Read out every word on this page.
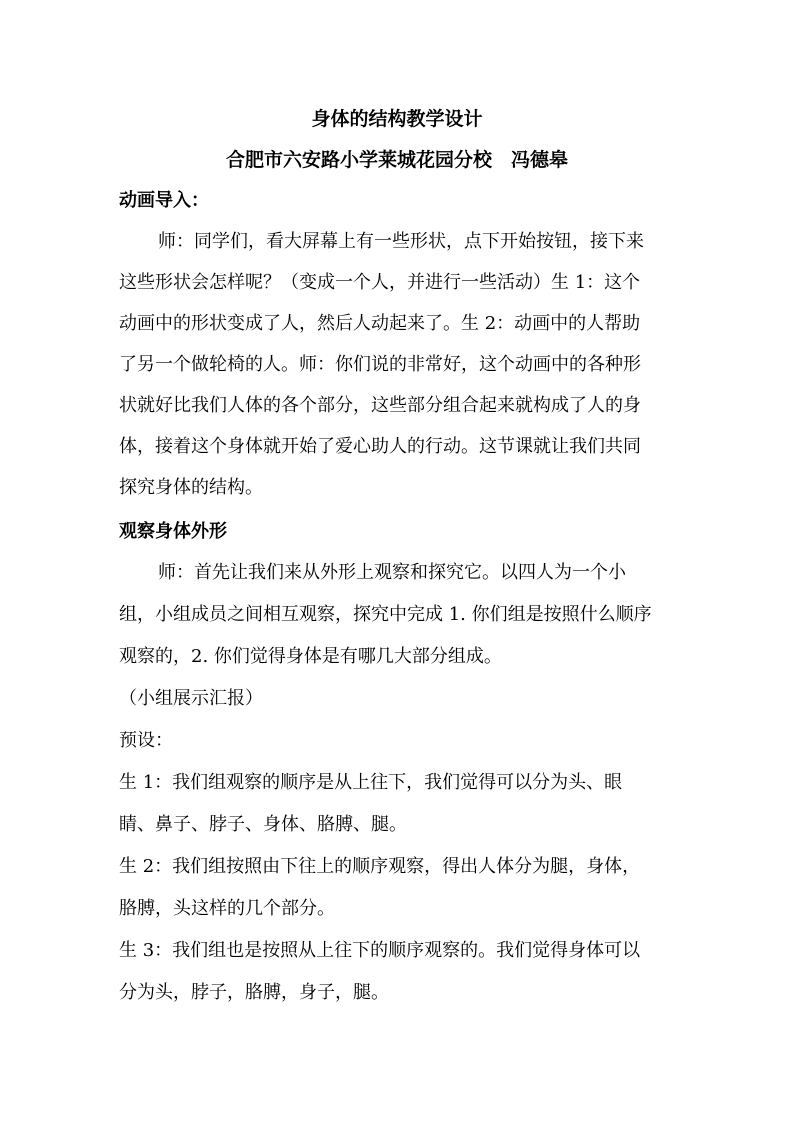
身体的结构教学设计
合肥市六安路小学莱城花园分校　冯德皋
动画导入：
师：同学们，看大屏幕上有一些形状，点下开始按钮，接下来
这些形状会怎样呢？（变成一个人，并进行一些活动）生 1：这个
动画中的形状变成了人，然后人动起来了。生 2：动画中的人帮助
了另一个做轮椅的人。师：你们说的非常好，这个动画中的各种形
状就好比我们人体的各个部分，这些部分组合起来就构成了人的身
体，接着这个身体就开始了爱心助人的行动。这节课就让我们共同
探究身体的结构。
观察身体外形
师：首先让我们来从外形上观察和探究它。以四人为一个小
组，小组成员之间相互观察，探究中完成 1. 你们组是按照什么顺序
观察的，2. 你们觉得身体是有哪几大部分组成。
（小组展示汇报）
预设：
生 1：我们组观察的顺序是从上往下，我们觉得可以分为头、眼
睛、鼻子、脖子、身体、胳膊、腿。
生 2：我们组按照由下往上的顺序观察，得出人体分为腿，身体，
胳膊，头这样的几个部分。
生 3：我们组也是按照从上往下的顺序观察的。我们觉得身体可以
分为头，脖子，胳膊，身子，腿。
